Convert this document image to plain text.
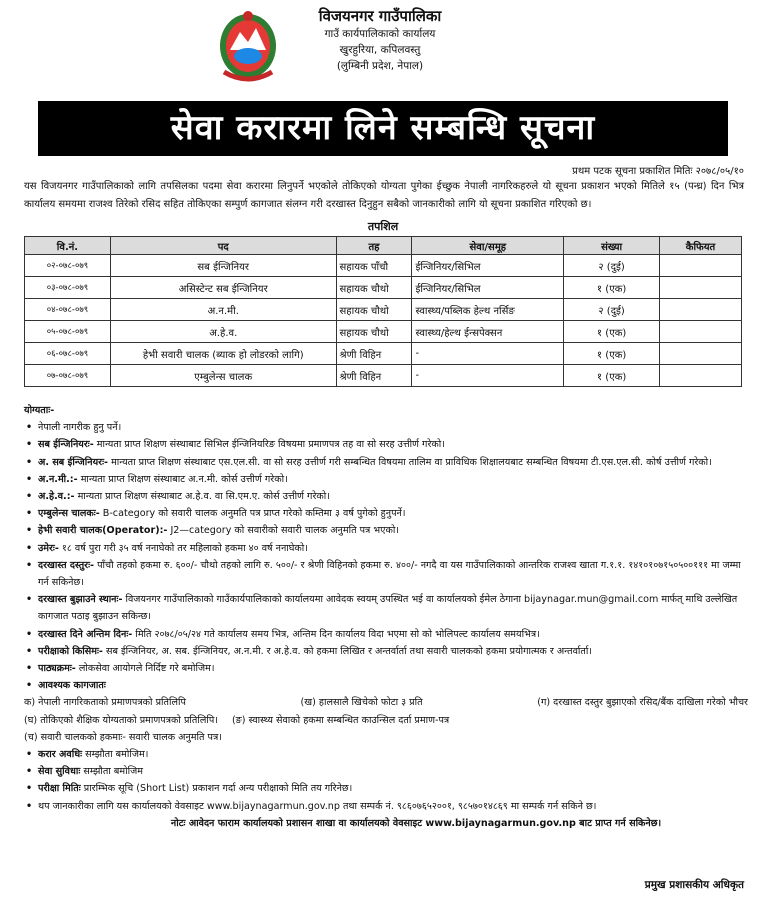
विजयनगर गाउँपालिका
गाउँ कार्यपालिकाको कार्यालय
खुरहुरिया, कपिलवस्तु
(लुम्बिनी प्रदेश, नेपाल)
सेवा करारमा लिने सम्बन्धि सूचना
प्रथम पटक सूचना प्रकाशित मितिः २०७८/०५/१०
यस विजयनगर गाउँपालिकाको लागि तपसिलका पदमा सेवा करारमा लिनुपर्ने भएकोले तोकिएको योग्यता पुगेका ईच्छुक नेपाली नागरिकहरुले यो सूचना प्रकाशन भएको मितिले १५ (पन्ध्र) दिन भित्र कार्यालय समयमा राजश्व तिरेको रसिद सहित तोकिएका सम्पुर्ण कागजात संलग्न गरी दरखास्त दिनुहुन सबैको जानकारीको लागि यो सूचना प्रकाशित गरिएको छ।
तपशिल
वि.नं.	पद	तह	सेवा/समूह	संख्या	कैफियत
०२-०७८-०७९	सब ईन्जिनियर	सहायक पाँचौ	ईन्जिनियर/सिभिल	२ (दुई)	
०३-०७८-०७९	असिस्टेन्ट सब ईन्जिनियर	सहायक चौथो	ईन्जिनियर/सिभिल	१ (एक)	
०४-०७८-०७९	अ.न.मी.	सहायक चौथो	स्वास्थ्य/पब्लिक हेल्थ नर्सिङ	२ (दुई)	
०५-०७८-०७९	अ.हे.व.	सहायक चौथो	स्वास्थ्य/हेल्थ ईन्सपेक्सन	१ (एक)	
०६-०७८-०७९	हेभी सवारी चालक (ब्याक हो लोडरको लागि)	श्रेणी विहिन	-	१ (एक)	
०७-०७८-०७९	एम्बुलेन्स चालक	श्रेणी विहिन	-	१ (एक)	
योग्यताः-
• नेपाली नागरीक हुनु पर्ने।
• सब ईन्जिनियरः- मान्यता प्राप्त शिक्षण संस्थाबाट सिभिल ईन्जिनियरिङ विषयमा प्रमाणपत्र तह वा सो सरह उत्तीर्ण गरेको।
• अ. सब ईन्जिनियरः- मान्यता प्राप्त शिक्षण संस्थाबाट एस.एल.सी. वा सो सरह उत्तीर्ण गरी सम्बन्धित विषयमा तालिम वा प्राविधिक शिक्षालयबाट सम्बन्धित विषयमा टी.एस.एल.सी. कोर्ष उत्तीर्ण गरेको।
• अ.न.मी.:- मान्यता प्राप्त शिक्षण संस्थाबाट अ.न.मी. कोर्स उत्तीर्ण गरेको।
• अ.हे.व.:- मान्यता प्राप्त शिक्षण संस्थाबाट अ.हे.व. वा सि.एम.ए. कोर्स उत्तीर्ण गरेको।
• एम्बुलेन्स चालकः- B-category को सवारी चालक अनुमति पत्र प्राप्त गरेको कम्तिमा ३ वर्ष पुगेको हुनुपर्ने।
• हेभी सवारी चालक(Operator):- J2—category को सवारीको सवारी चालक अनुमति पत्र भएको।
• उमेरः- १८ वर्ष पुरा गरी ३५ वर्ष ननाघेको तर महिलाको हकमा ४० वर्ष ननाघेको।
• दरखास्त दस्तुरः- पाँचौ तहको हकमा रु. ६००/- चौथो तहको लागि रु. ५००/- र श्रेणी विहिनको हकमा रु. ४००/- नगदै वा यस गाउँपालिकाको आन्तरिक राजश्व खाता ग.१.१. १४१०१०७१५०५००१११ मा जम्मा गर्न सकिनेछ।
• दरखास्त बुझाउने स्थानः- विजयनगर गाउँपालिकाको गाउँकार्यपालिकाको कार्यालयमा आवेदक स्वयम् उपस्थित भई वा कार्यालयको ईमेल ठेगाना bijaynagar.mun@gmail.com मार्फत् माथि उल्लेखित कागजात पठाइ बुझाउन सकिन्छ।
• दरखास्त दिने अन्तिम दिनः- मिति २०७८/०५/२४ गते कार्यालय समय भित्र, अन्तिम दिन कार्यालय विदा भएमा सो को भोलिपल्ट कार्यालय समयभित्र।
• परीक्षाको किसिमः- सब ईन्जिनियर, अ. सब. ईन्जिनियर, अ.न.मी. र अ.हे.व. को हकमा लिखित र अन्तर्वार्ता तथा सवारी चालकको हकमा प्रयोगात्मक र अन्तर्वार्ता।
• पाठ्यक्रमः- लोकसेवा आयोगले निर्दिष्ट गरे बमोजिम।
• आवश्यक कागजातः
क) नेपाली नागरिकताको प्रमाणपत्रको प्रतिलिपि	(ख) हालसालै खिचेको फोटा ३ प्रति	(ग) दरखास्त दस्तुर बुझाएको रसिद/बैंक दाखिला गरेको भौचर
(घ) तोकिएको शैक्षिक योग्यताको प्रमाणपत्रको प्रतिलिपि। (ङ) स्वास्थ्य सेवाको हकमा सम्बन्धित काउन्सिल दर्ता प्रमाण-पत्र
(च) सवारी चालकको हकमाः- सवारी चालक अनुमति पत्र।
• करार अवधिः सम्झौता बमोजिम।
• सेवा सुविधाः सम्झौता बमोजिम
• परीक्षा मितिः प्रारम्भिक सूचि (Short List) प्रकाशन गर्दा अन्य परीक्षाको मिति तय गरिनेछ।
• थप जानकारीका लागि यस कार्यालयको वेवसाइट www.bijaynagarmun.gov.np तथा सम्पर्क नं. ९८६०७६५२००१, ९८५७०१४८६९ मा सम्पर्क गर्न सकिने छ।
नोटः आवेदन फाराम कार्यालयको प्रशासन शाखा वा कार्यालयको वेवसाइट www.bijaynagarmun.gov.np बाट प्राप्त गर्न सकिनेछ।
प्रमुख प्रशासकीय अधिकृत
